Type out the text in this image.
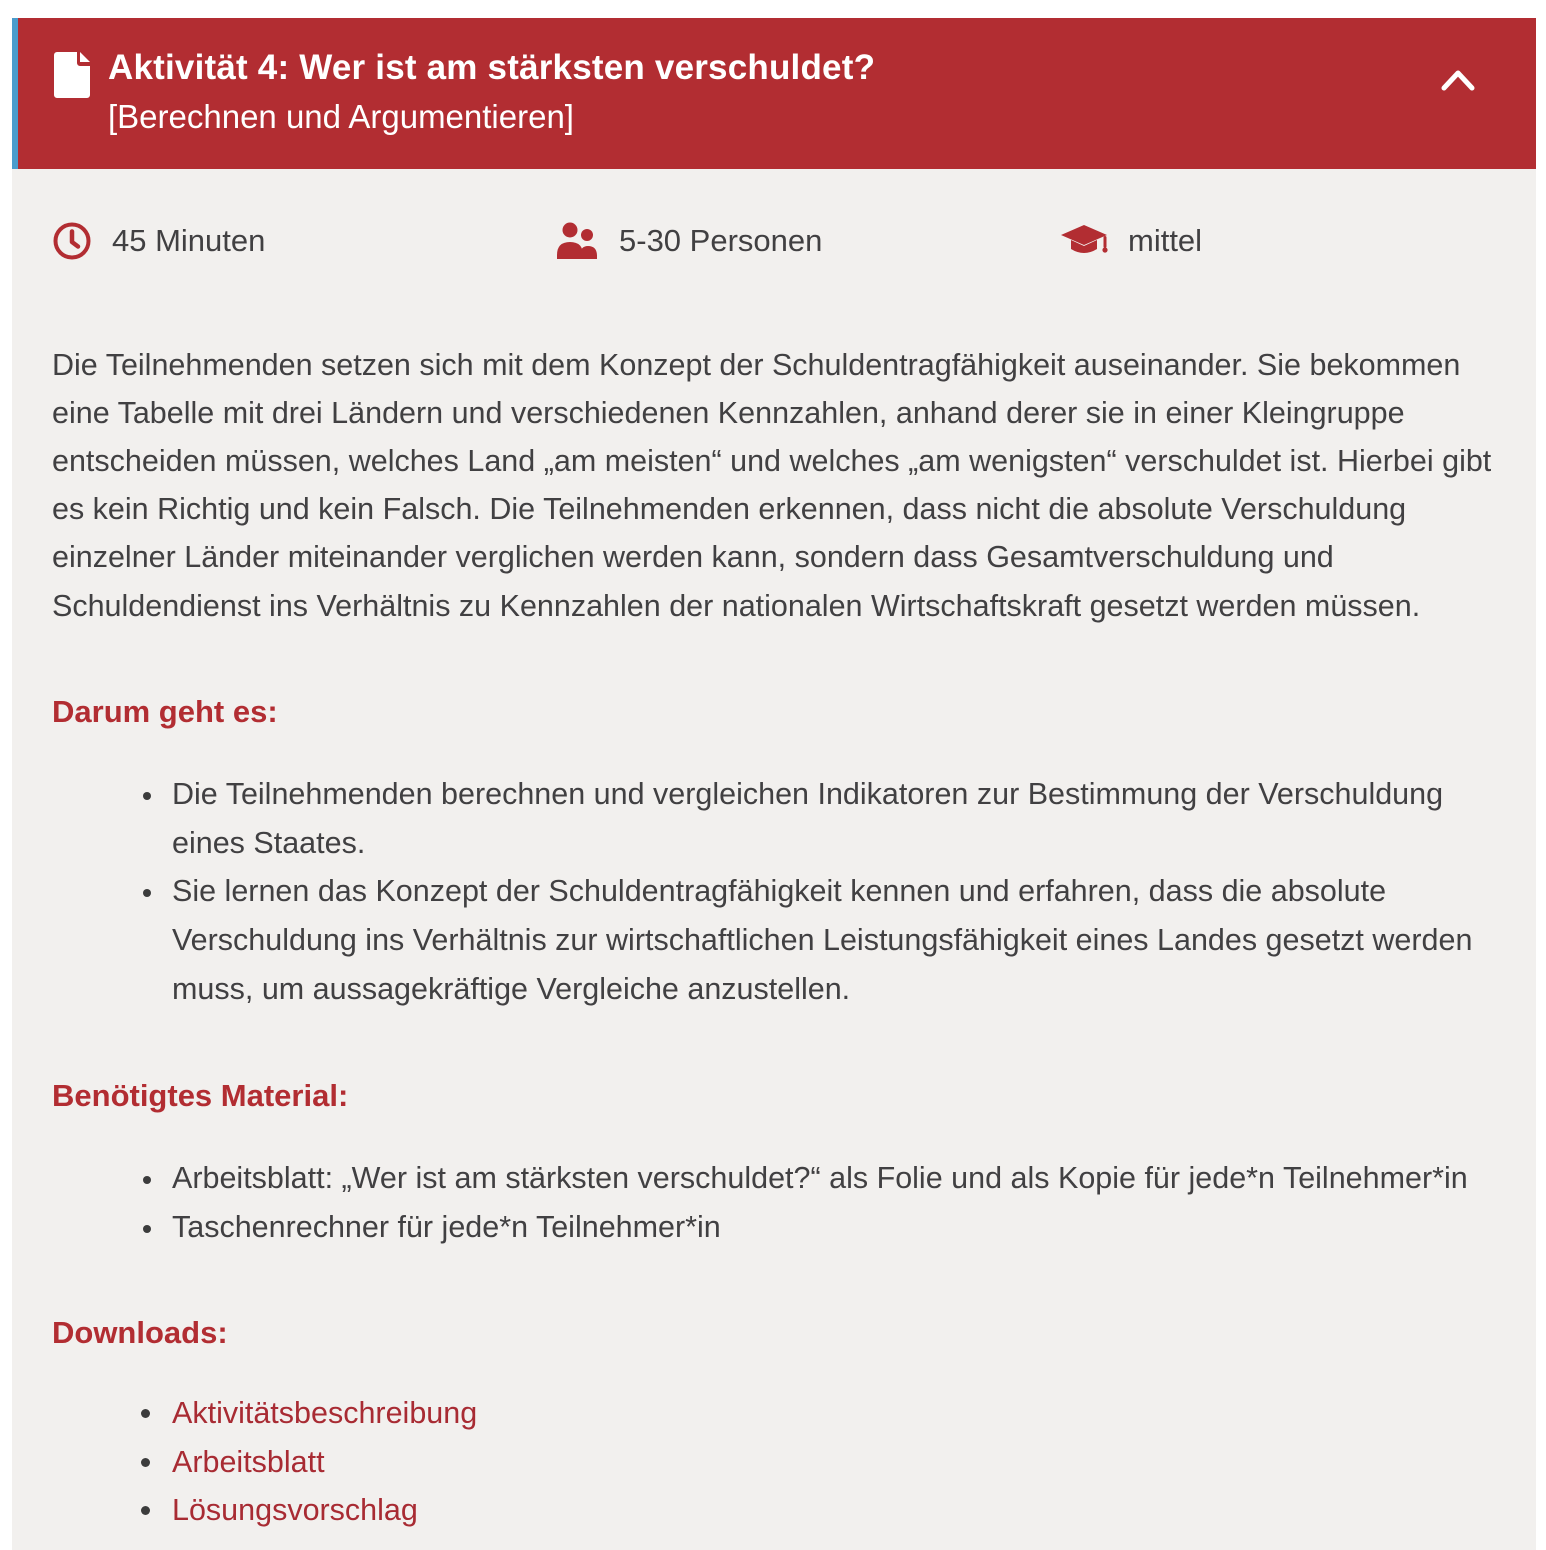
Aktivität 4: Wer ist am stärksten verschuldet?
[Berechnen und Argumentieren]
45 Minuten	5-30 Personen	mittel

Die Teilnehmenden setzen sich mit dem Konzept der Schuldentragfähigkeit auseinander. Sie bekommen eine Tabelle mit drei Ländern und verschiedenen Kennzahlen, anhand derer sie in einer Kleingruppe entscheiden müssen, welches Land „am meisten“ und welches „am wenigsten“ verschuldet ist. Hierbei gibt es kein Richtig und kein Falsch. Die Teilnehmenden erkennen, dass nicht die absolute Verschuldung einzelner Länder miteinander verglichen werden kann, sondern dass Gesamtverschuldung und Schuldendienst ins Verhältnis zu Kennzahlen der nationalen Wirtschaftskraft gesetzt werden müssen.

Darum geht es:
• Die Teilnehmenden berechnen und vergleichen Indikatoren zur Bestimmung der Verschuldung eines Staates.
• Sie lernen das Konzept der Schuldentragfähigkeit kennen und erfahren, dass die absolute Verschuldung ins Verhältnis zur wirtschaftlichen Leistungsfähigkeit eines Landes gesetzt werden muss, um aussagekräftige Vergleiche anzustellen.
Benötigtes Material:
• Arbeitsblatt: „Wer ist am stärksten verschuldet?“ als Folie und als Kopie für jede*n Teilnehmer*in
• Taschenrechner für jede*n Teilnehmer*in
Downloads:
• Aktivitätsbeschreibung
• Arbeitsblatt
• Lösungsvorschlag
